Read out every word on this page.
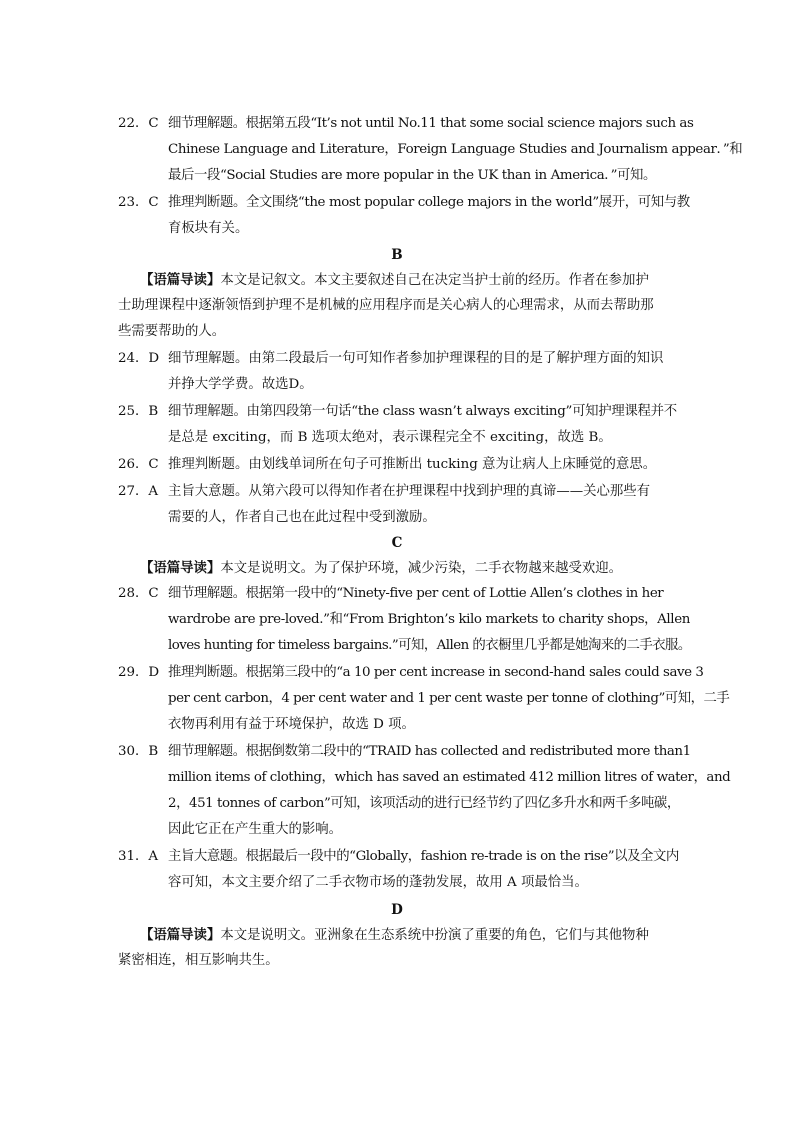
22．C 细节理解题。根据第五段“It’s not until No.11 that some social science majors such as
Chinese Language and Literature，Foreign Language Studies and Journalism appear．”和
最后一段“Social Studies are more popular in the UK than in America．”可知。
23．C 推理判断题。全文围绕“the most popular college majors in the world”展开，可知与教
育板块有关。
B
【语篇导读】本文是记叙文。本文主要叙述自己在决定当护士前的经历。作者在参加护
士助理课程中逐渐领悟到护理不是机械的应用程序而是关心病人的心理需求，从而去帮助那
些需要帮助的人。
24．D 细节理解题。由第二段最后一句可知作者参加护理课程的目的是了解护理方面的知识
并挣大学学费。故选D。
25．B 细节理解题。由第四段第一句话“the class wasn’t always exciting”可知护理课程并不
是总是 exciting，而 B 选项太绝对，表示课程完全不 exciting，故选 B。
26．C 推理判断题。由划线单词所在句子可推断出 tucking 意为让病人上床睡觉的意思。
27．A 主旨大意题。从第六段可以得知作者在护理课程中找到护理的真谛——关心那些有
需要的人，作者自己也在此过程中受到激励。
C
【语篇导读】本文是说明文。为了保护环境，减少污染，二手衣物越来越受欢迎。
28．C 细节理解题。根据第一段中的“Ninety-five per cent of Lottie Allen’s clothes in her
wardrobe are pre-loved.”和“From Brighton’s kilo markets to charity shops，Allen
loves hunting for timeless bargains.”可知，Allen 的衣橱里几乎都是她淘来的二手衣服。
29．D 推理判断题。根据第三段中的“a 10 per cent increase in second-hand sales could save 3
per cent carbon，4 per cent water and 1 per cent waste per tonne of clothing”可知，二手
衣物再利用有益于环境保护，故选 D 项。
30．B 细节理解题。根据倒数第二段中的“TRAID has collected and redistributed more than1
million items of clothing，which has saved an estimated 412 million litres of water，and
2，451 tonnes of carbon”可知，该项活动的进行已经节约了四亿多升水和两千多吨碳，
因此它正在产生重大的影响。
31．A 主旨大意题。根据最后一段中的“Globally，fashion re-trade is on the rise”以及全文内
容可知，本文主要介绍了二手衣物市场的蓬勃发展，故用 A 项最恰当。
D
【语篇导读】本文是说明文。亚洲象在生态系统中扮演了重要的角色，它们与其他物种
紧密相连，相互影响共生。
